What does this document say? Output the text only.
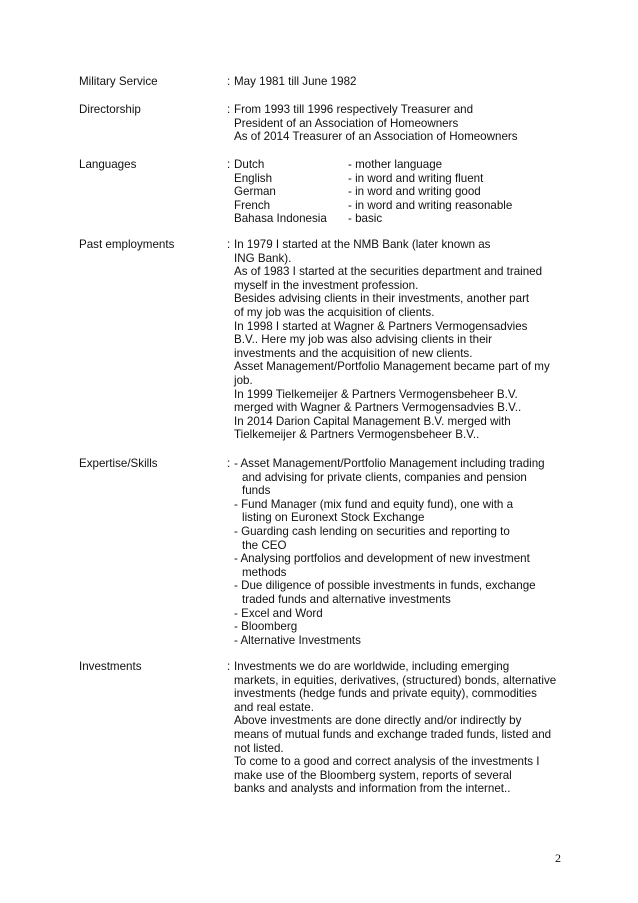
Military Service	: May 1981 till June 1982
Directorship	: From 1993 till 1996 respectively Treasurer and
President of an Association of Homeowners
As of 2014 Treasurer of an Association of Homeowners
Languages	: Dutch	- mother language
English	- in word and writing fluent
German	- in word and writing good
French	- in word and writing reasonable
Bahasa Indonesia - basic
Past employments	: In 1979 I started at the NMB Bank (later known as
ING Bank).
As of 1983 I started at the securities department and trained
myself in the investment profession.
Besides advising clients in their investments, another part
of my job was the acquisition of clients.
In 1998 I started at Wagner & Partners Vermogensadvies
B.V.. Here my job was also advising clients in their
investments and the acquisition of new clients.
Asset Management/Portfolio Management became part of my
job.
In 1999 Tielkemeijer & Partners Vermogensbeheer B.V.
merged with Wagner & Partners Vermogensadvies B.V..
In 2014 Darion Capital Management B.V. merged with
Tielkemeijer & Partners Vermogensbeheer B.V..
Expertise/Skills	: - Asset Management/Portfolio Management including trading
and advising for private clients, companies and pension
funds
- Fund Manager (mix fund and equity fund), one with a
listing on Euronext Stock Exchange
- Guarding cash lending on securities and reporting to
the CEO
- Analysing portfolios and development of new investment
methods
- Due diligence of possible investments in funds, exchange
traded funds and alternative investments
- Excel and Word
- Bloomberg
- Alternative Investments
Investments	: Investments we do are worldwide, including emerging
markets, in equities, derivatives, (structured) bonds, alternative
investments (hedge funds and private equity), commodities
and real estate.
Above investments are done directly and/or indirectly by
means of mutual funds and exchange traded funds, listed and
not listed.
To come to a good and correct analysis of the investments I
make use of the Bloomberg system, reports of several
banks and analysts and information from the internet..
2
